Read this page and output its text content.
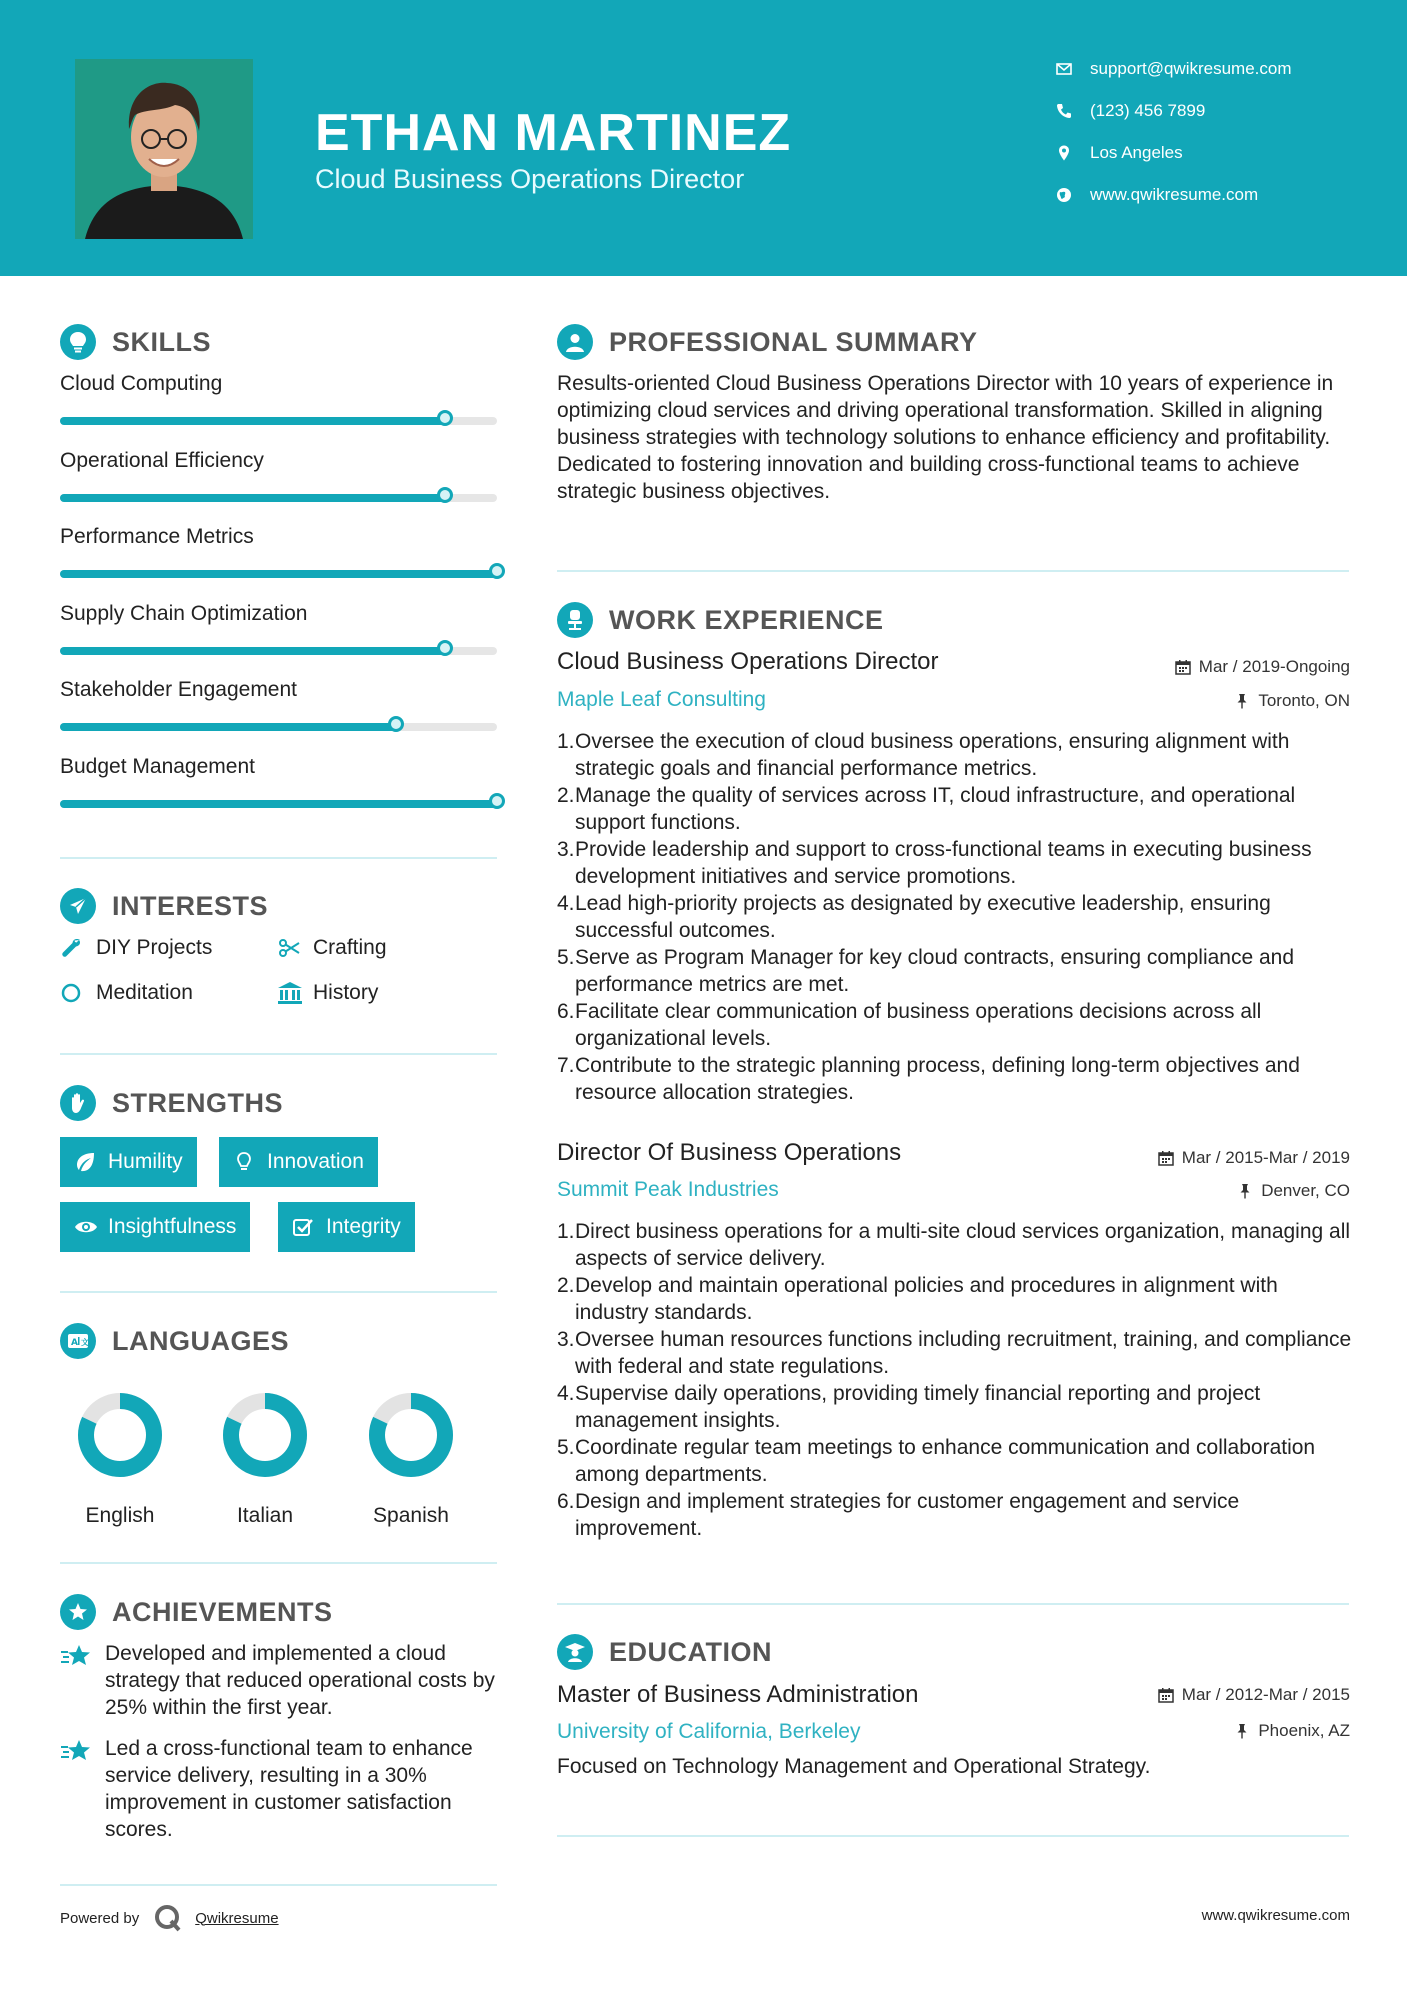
ETHAN MARTINEZ
Cloud Business Operations Director
support@qwikresume.com
(123) 456 7899
Los Angeles
www.qwikresume.com
SKILLS
Cloud Computing
Operational Efficiency
Performance Metrics
Supply Chain Optimization
Stakeholder Engagement
Budget Management
INTERESTS
DIY Projects	Crafting
Meditation	History
STRENGTHS
Humility	Innovation
Insightfulness	Integrity
A 文 LANGUAGES
English	Italian	Spanish
ACHIEVEMENTS
Developed and implemented a cloud strategy that reduced operational costs by 25% within the first year.
Led a cross-functional team to enhance service delivery, resulting in a 30% improvement in customer satisfaction scores.
PROFESSIONAL SUMMARY
Results-oriented Cloud Business Operations Director with 10 years of experience in optimizing cloud services and driving operational transformation. Skilled in aligning business strategies with technology solutions to enhance efficiency and profitability. Dedicated to fostering innovation and building cross-functional teams to achieve strategic business objectives.
WORK EXPERIENCE
Cloud Business Operations Director	Mar / 2019-Ongoing
Maple Leaf Consulting	Toronto, ON
1. Oversee the execution of cloud business operations, ensuring alignment with strategic goals and financial performance metrics.
2. Manage the quality of services across IT, cloud infrastructure, and operational support functions.
3. Provide leadership and support to cross-functional teams in executing business development initiatives and service promotions.
4. Lead high-priority projects as designated by executive leadership, ensuring successful outcomes.
5. Serve as Program Manager for key cloud contracts, ensuring compliance and performance metrics are met.
6. Facilitate clear communication of business operations decisions across all organizational levels.
7. Contribute to the strategic planning process, defining long-term objectives and resource allocation strategies.
Director Of Business Operations	Mar / 2015-Mar / 2019
Summit Peak Industries	Denver, CO
1. Direct business operations for a multi-site cloud services organization, managing all aspects of service delivery.
2. Develop and maintain operational policies and procedures in alignment with industry standards.
3. Oversee human resources functions including recruitment, training, and compliance with federal and state regulations.
4. Supervise daily operations, providing timely financial reporting and project management insights.
5. Coordinate regular team meetings to enhance communication and collaboration among departments.
6. Design and implement strategies for customer engagement and service improvement.
EDUCATION
Master of Business Administration	Mar / 2012-Mar / 2015
University of California, Berkeley	Phoenix, AZ
Focused on Technology Management and Operational Strategy.
Powered by	Qwikresume	www.qwikresume.com
